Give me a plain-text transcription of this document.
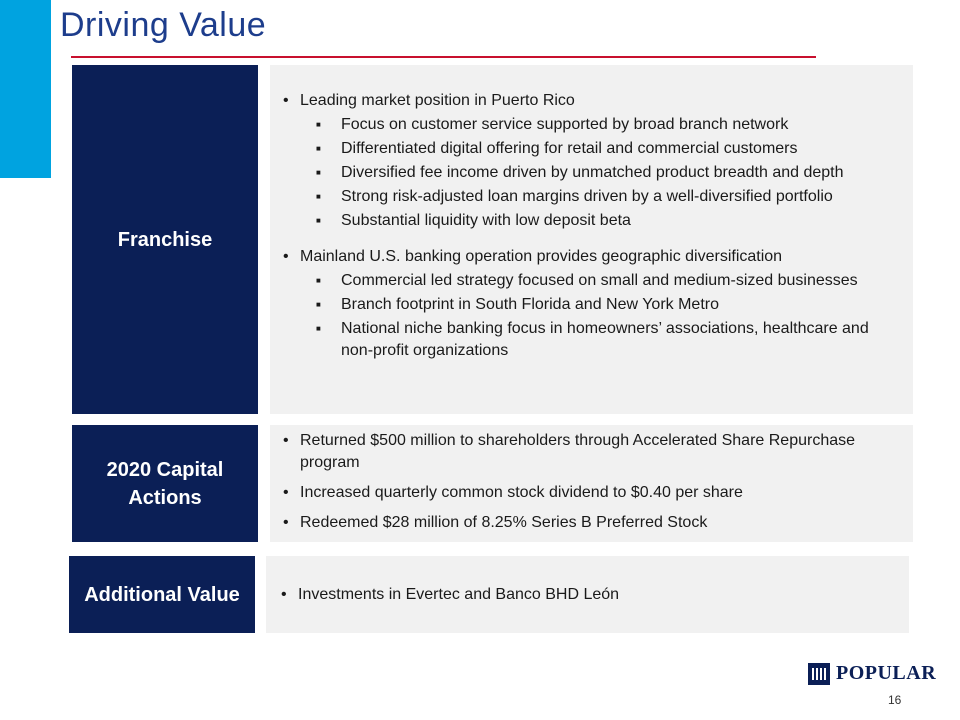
Driving Value
Franchise
• Leading market position in Puerto Rico
■ Focus on customer service supported by broad branch network
■ Differentiated digital offering for retail and commercial customers
■ Diversified fee income driven by unmatched product breadth and depth
■ Strong risk-adjusted loan margins driven by a well-diversified portfolio
■ Substantial liquidity with low deposit beta
• Mainland U.S. banking operation provides geographic diversification
■ Commercial led strategy focused on small and medium-sized businesses
■ Branch footprint in South Florida and New York Metro
■ National niche banking focus in homeowners’ associations, healthcare and non-profit organizations
2020 Capital Actions
• Returned $500 million to shareholders through Accelerated Share Repurchase program
• Increased quarterly common stock dividend to $0.40 per share
• Redeemed $28 million of 8.25% Series B Preferred Stock
Additional Value
•	Investments in Evertec and Banco BHD León
POPULAR
16
